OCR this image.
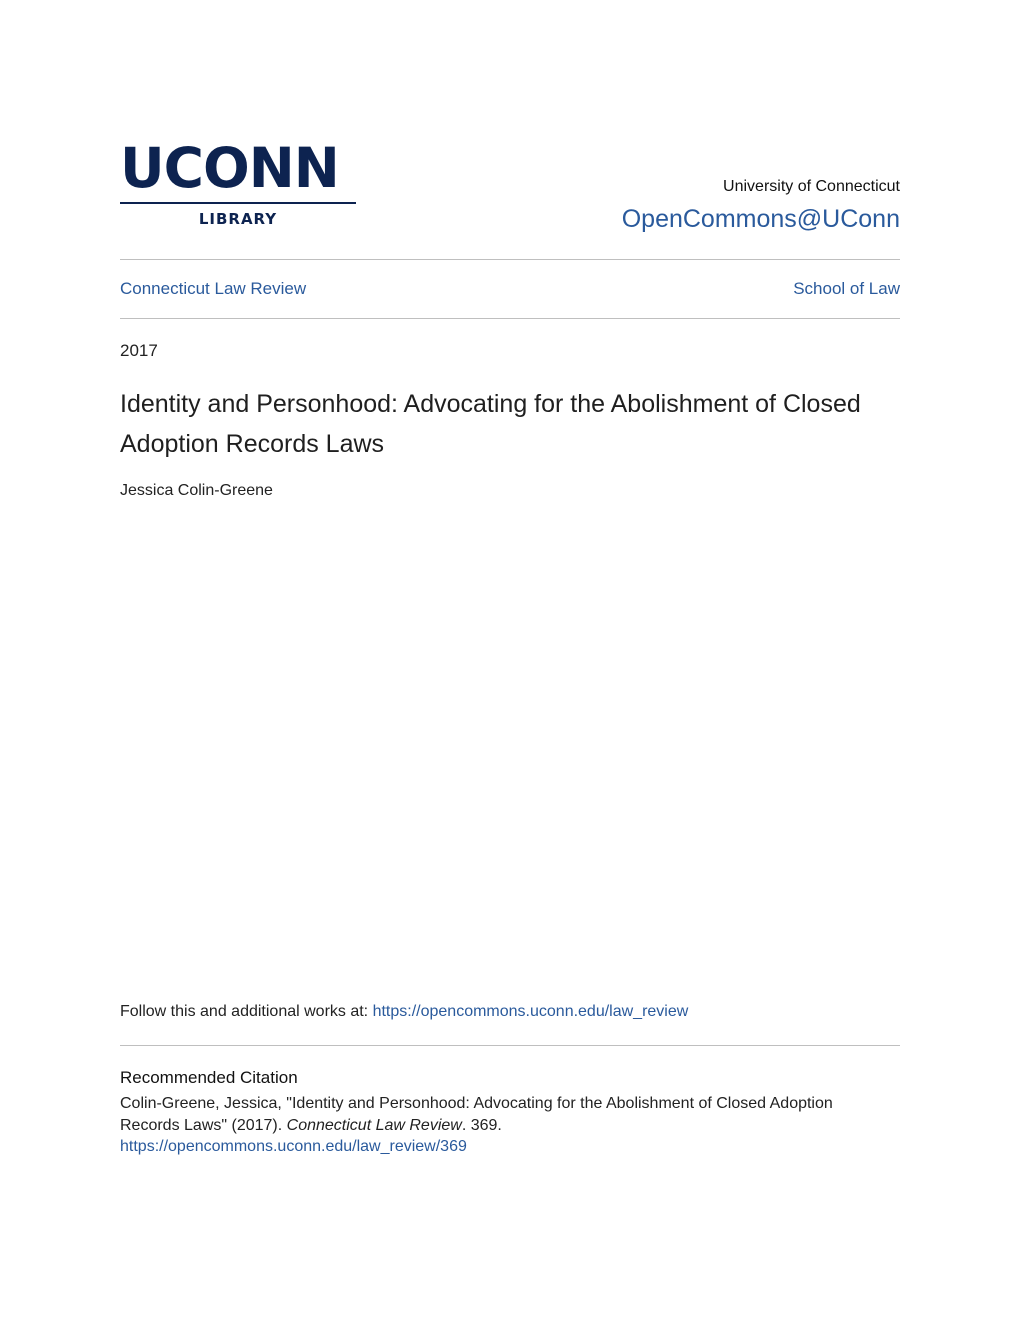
UCONN
LIBRARY
University of Connecticut
OpenCommons@UConn
Connecticut Law Review	School of Law
2017
Identity and Personhood: Advocating for the Abolishment of Closed Adoption Records Laws
Jessica Colin-Greene
Follow this and additional works at: https://opencommons.uconn.edu/law_review
Recommended Citation
Colin-Greene, Jessica, "Identity and Personhood: Advocating for the Abolishment of Closed Adoption Records Laws" (2017). Connecticut Law Review. 369.
https://opencommons.uconn.edu/law_review/369
